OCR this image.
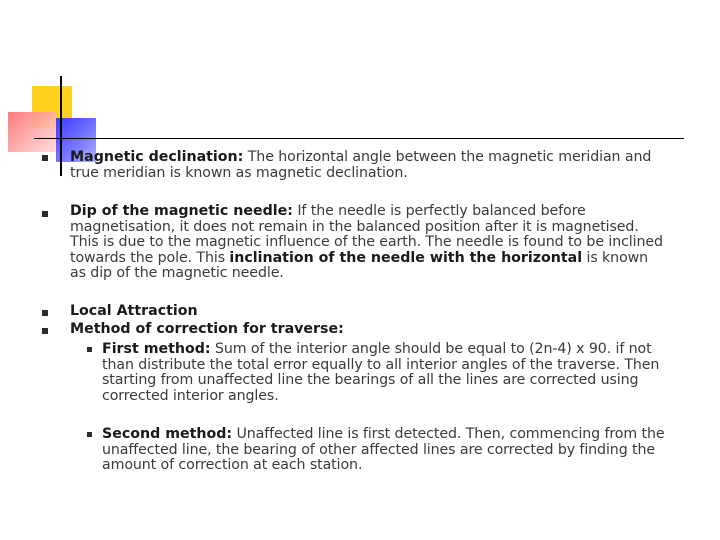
Magnetic declination: The horizontal angle between the magnetic meridian and
true meridian is known as magnetic declination.
Dip of the magnetic needle: If the needle is perfectly balanced before
magnetisation, it does not remain in the balanced position after it is magnetised.
This is due to the magnetic influence of the earth. The needle is found to be inclined
towards the pole. This inclination of the needle with the horizontal is known
as dip of the magnetic needle.
Local Attraction
Method of correction for traverse:
First method: Sum of the interior angle should be equal to (2n-4) x 90. if not
than distribute the total error equally to all interior angles of the traverse. Then
starting from unaffected line the bearings of all the lines are corrected using
corrected interior angles.
Second method: Unaffected line is first detected. Then, commencing from the
unaffected line, the bearing of other affected lines are corrected by finding the
amount of correction at each station.
